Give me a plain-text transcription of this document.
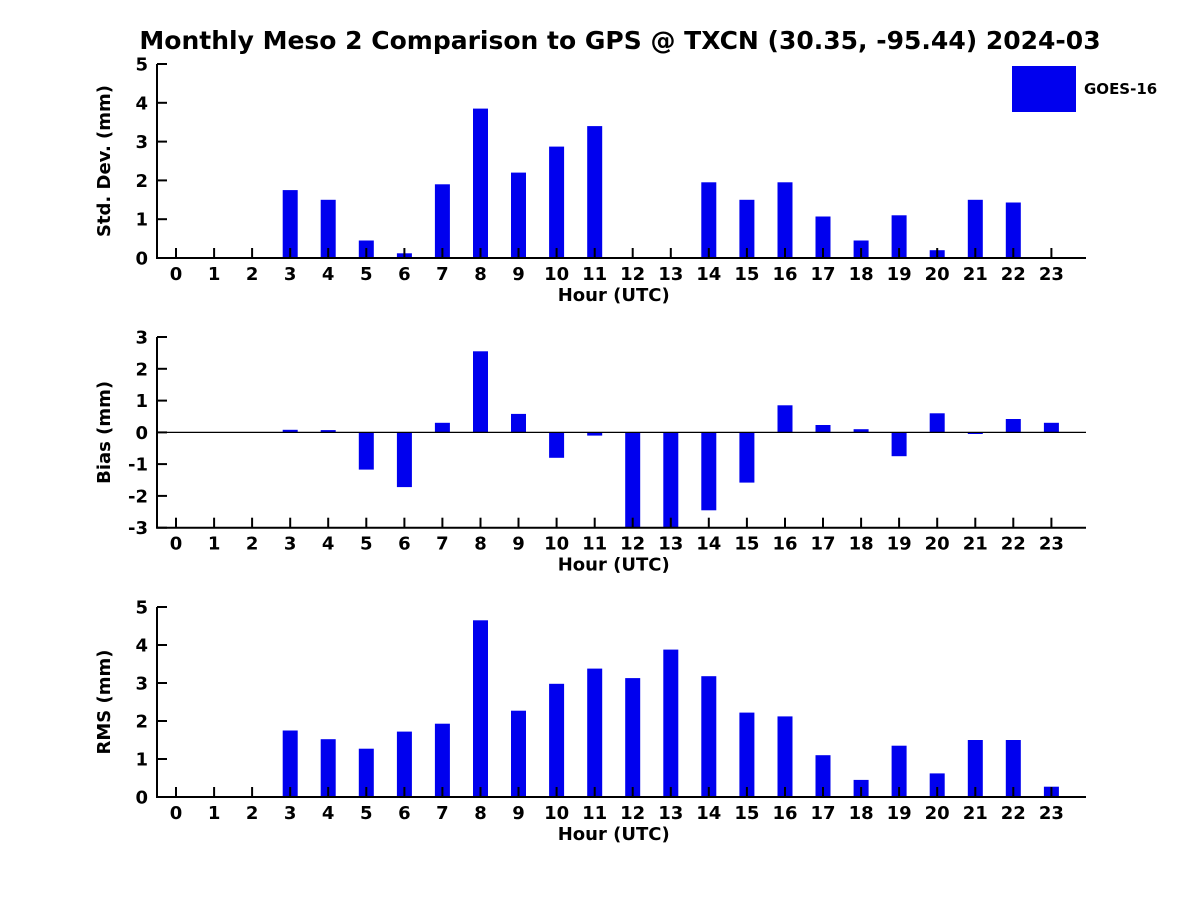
Monthly Meso 2 Comparison to GPS @ TXCN (30.35, -95.44) 2024-03
GOES-16
0
1
2
3
4
5
0 1 2 3 4 5 6 7 8 9 10 11 12 13 14 15 16 17 18 19 20 21 22 23
Hour (UTC)
Std. Dev. (mm)
-3
-2
-1
0
1
2
3
0 1 2 3 4 5 6 7 8 9 10 11 12 13 14 15 16 17 18 19 20 21 22 23
Hour (UTC)
Bias (mm)
0
1
2
3
4
5
0 1 2 3 4 5 6 7 8 9 10 11 12 13 14 15 16 17 18 19 20 21 22 23
Hour (UTC)
RMS (mm)
